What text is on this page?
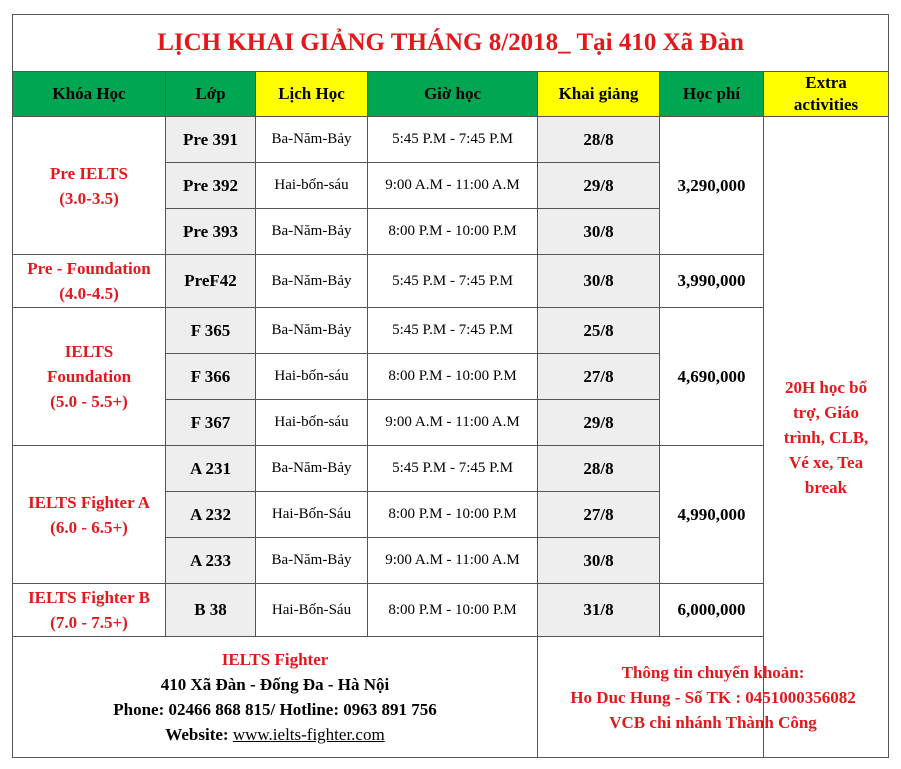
LỊCH KHAI GIẢNG THÁNG 8/2018_ Tại 410 Xã Đàn						
Khóa Học	Lớp	Lịch Học	Giờ học	Khai giảng	Học phí	Extra
activities
Pre IELTS
(3.0-3.5)	Pre 391	Ba-Năm-Bảy	5:45 P.M - 7:45 P.M	28/8	3,290,000	20H học bổ
trợ, Giáo
trình, CLB,
Vé xe, Tea
break
	Pre 392	Hai-bốn-sáu	9:00 A.M - 11:00 A.M	29/8		
	Pre 393	Ba-Năm-Bảy	8:00 P.M - 10:00 P.M	30/8		
Pre - Foundation
(4.0-4.5)	PreF42	Ba-Năm-Bảy	5:45 P.M - 7:45 P.M	30/8	3,990,000	
IELTS
Foundation
(5.0 - 5.5+)	F 365	Ba-Năm-Bảy	5:45 P.M - 7:45 P.M	25/8	4,690,000	
	F 366	Hai-bốn-sáu	8:00 P.M - 10:00 P.M	27/8		
	F 367	Hai-bốn-sáu	9:00 A.M - 11:00 A.M	29/8		
IELTS Fighter A
(6.0 - 6.5+)	A 231	Ba-Năm-Bảy	5:45 P.M - 7:45 P.M	28/8	4,990,000	
	A 232	Hai-Bốn-Sáu	8:00 P.M - 10:00 P.M	27/8		
	A 233	Ba-Năm-Bảy	9:00 A.M - 11:00 A.M	30/8		
IELTS Fighter B
(7.0 - 7.5+)	B 38	Hai-Bốn-Sáu	8:00 P.M - 10:00 P.M	31/8	6,000,000	
IELTS Fighter
410 Xã Đàn - Đống Đa - Hà Nội
Phone: 02466 868 815/ Hotline: 0963 891 756
Website: www.ielts-fighter.com				Thông tin chuyển khoản:
Ho Duc Hung - Số TK : 0451000356082
VCB chi nhánh Thành Công		
